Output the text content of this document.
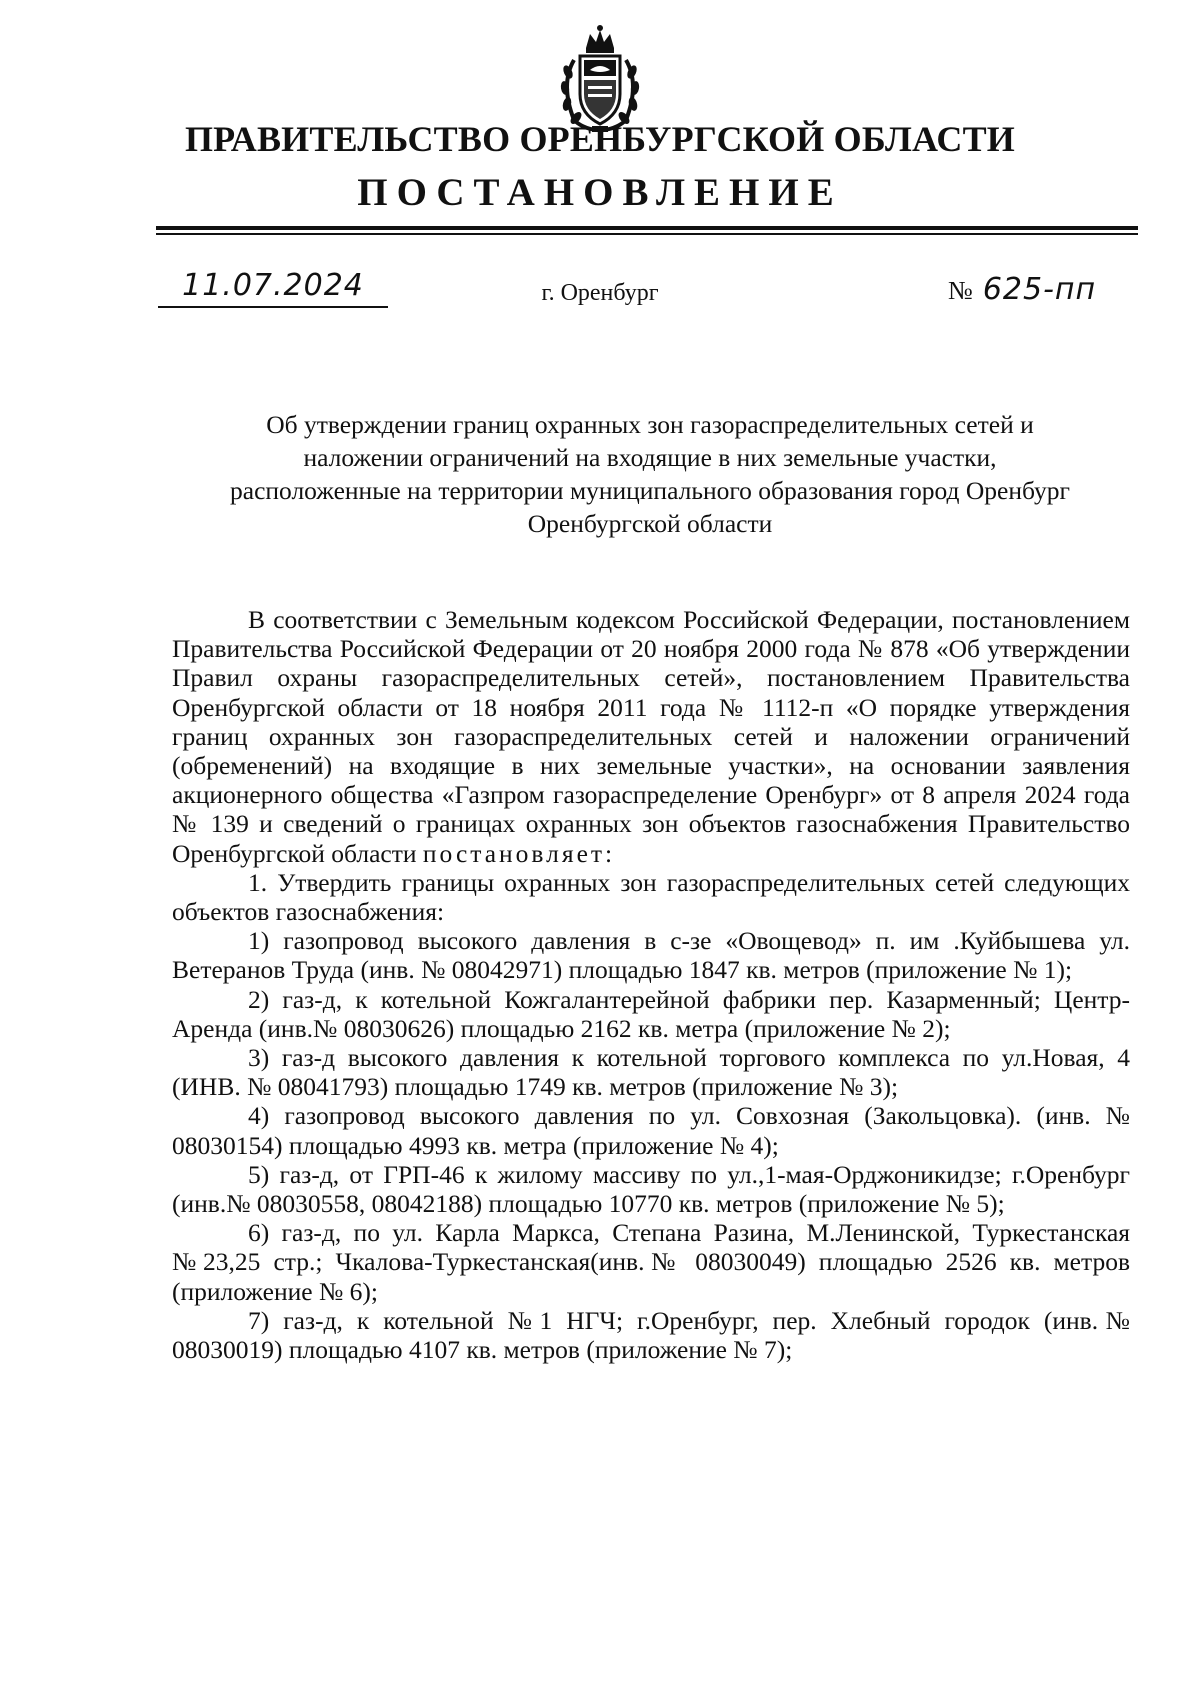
ПРАВИТЕЛЬСТВО ОРЕНБУРГСКОЙ ОБЛАСТИ
ПОСТАНОВЛЕНИЕ
11.07.2024	г. Оренбург	№ 625-пп
Об утверждении границ охранных зон газораспределительных сетей и
наложении ограничений на входящие в них земельные участки,
расположенные на территории муниципального образования город Оренбург
Оренбургской области

В соответствии с Земельным кодексом Российской Федерации, постановлением Правительства Российской Федерации от 20 ноября 2000 года № 878 «Об утверждении Правил охраны газораспределительных сетей», постановлением Правительства Оренбургской области от 18 ноября 2011 года № 1112-п «О порядке утверждения границ охранных зон газораспределительных сетей и наложении ограничений (обременений) на входящие в них земельные участки», на основании заявления акционерного общества «Газпром газораспределение Оренбург» от 8 апреля 2024 года № 139 и сведений о границах охранных зон объектов газоснабжения Правительство Оренбургской области постановляет:

1. Утвердить границы охранных зон газораспределительных сетей следующих объектов газоснабжения:

1) газопровод высокого давления в с-зе «Овощевод» п. им .Куйбышева ул. Ветеранов Труда (инв. № 08042971) площадью 1847 кв. метров (приложение № 1);

2) газ-д, к котельной Кожгалантерейной фабрики пер. Казарменный; Центр-Аренда (инв.№ 08030626) площадью 2162 кв. метра (приложение № 2);

3) газ-д высокого давления к котельной торгового комплекса по ул.Новая, 4 (ИНВ. № 08041793) площадью 1749 кв. метров (приложение № 3);

4) газопровод высокого давления по ул. Совхозная (Закольцовка). (инв. № 08030154) площадью 4993 кв. метра (приложение № 4);

5) газ-д, от ГРП-46 к жилому массиву по ул.,1-мая-Орджоникидзе; г.Оренбург (инв.№ 08030558, 08042188) площадью 10770 кв. метров (приложение № 5);

6) газ-д, по ул. Карла Маркса, Степана Разина, М.Ленинской, Туркестанская №23,25 стр.; Чкалова-Туркестанская(инв.№ 08030049) площадью 2526 кв. метров (приложение № 6);

7) газ-д, к котельной №1 НГЧ; г.Оренбург, пер. Хлебный городок (инв.№ 08030019) площадью 4107 кв. метров (приложение № 7);
